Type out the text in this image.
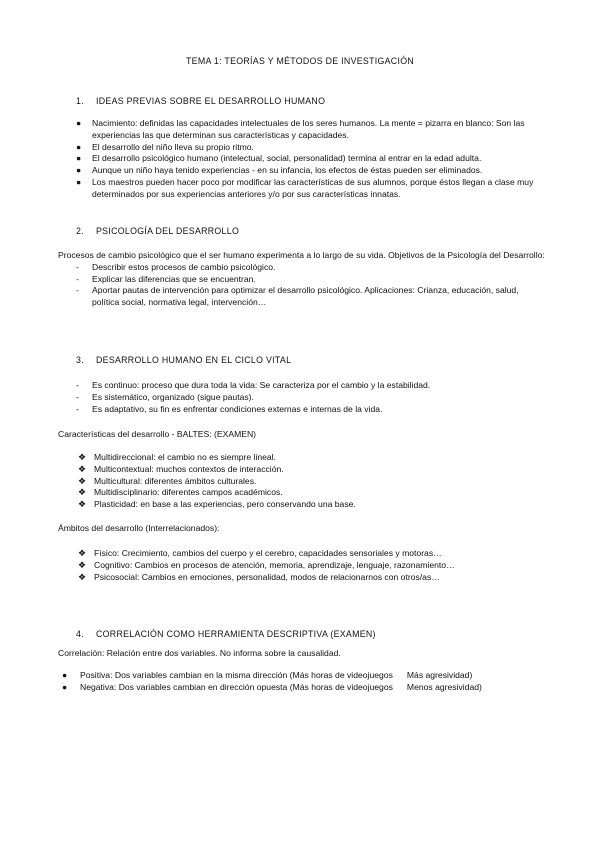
TEMA 1: TEORÍAS Y MÉTODOS DE INVESTIGACIÓN
1. IDEAS PREVIAS SOBRE EL DESARROLLO HUMANO
● Nacimiento: definidas las capacidades intelectuales de los seres humanos. La mente = pizarra en blanco: Son las experiencias las que determinan sus características y capacidades.
● El desarrollo del niño lleva su propio ritmo.
● El desarrollo psicológico humano (intelectual, social, personalidad) termina al entrar en la edad adulta.
● Aunque un niño haya tenido experiencias - en su infancia, los efectos de éstas pueden ser eliminados.
● Los maestros pueden hacer poco por modificar las características de sus alumnos, porque éstos llegan a clase muy determinados por sus experiencias anteriores y/o por sus características innatas.
2. PSICOLOGÍA DEL DESARROLLO

Procesos de cambio psicológico que el ser humano experimenta a lo largo de su vida. Objetivos de la Psicología del Desarrollo:

- Describir estos procesos de cambio psicológico.
- Explicar las diferencias que se encuentran.
- Aportar pautas de intervención para optimizar el desarrollo psicológico. Aplicaciones: Crianza, educación, salud, política social, normativa legal, intervención…
3. DESARROLLO HUMANO EN EL CICLO VITAL
- Es continuo: proceso que dura toda la vida: Se caracteriza por el cambio y la estabilidad.
- Es sistemático, organizado (sigue pautas).
- Es adaptativo, su fin es enfrentar condiciones externas e internas de la vida.

Características del desarrollo - BALTES: (EXAMEN)

❖ Multidireccional: el cambio no es siempre lineal.
❖ Multicontextual: muchos contextos de interacción.
❖ Multicultural: diferentes ámbitos culturales.
❖ Multidisciplinario: diferentes campos académicos.
❖ Plasticidad: en base a las experiencias, pero conservando una base.

Ámbitos del desarrollo (Interrelacionados):

❖ Físico: Crecimiento, cambios del cuerpo y el cerebro, capacidades sensoriales y motoras…
❖ Cognitivo: Cambios en procesos de atención, memoria, aprendizaje, lenguaje, razonamiento…
❖ Psicosocial: Cambios en emociones, personalidad, modos de relacionarnos con otros/as…
4. CORRELACIÓN COMO HERRAMIENTA DESCRIPTIVA (EXAMEN)

Correlación: Relación entre dos variables. No informa sobre la causalidad.

● Positiva: Dos variables cambian en la misma dirección (Más horas de videojuegos Más agresividad)
● Negativa: Dos variables cambian en dirección opuesta (Más horas de videojuegos Menos agresividad)
